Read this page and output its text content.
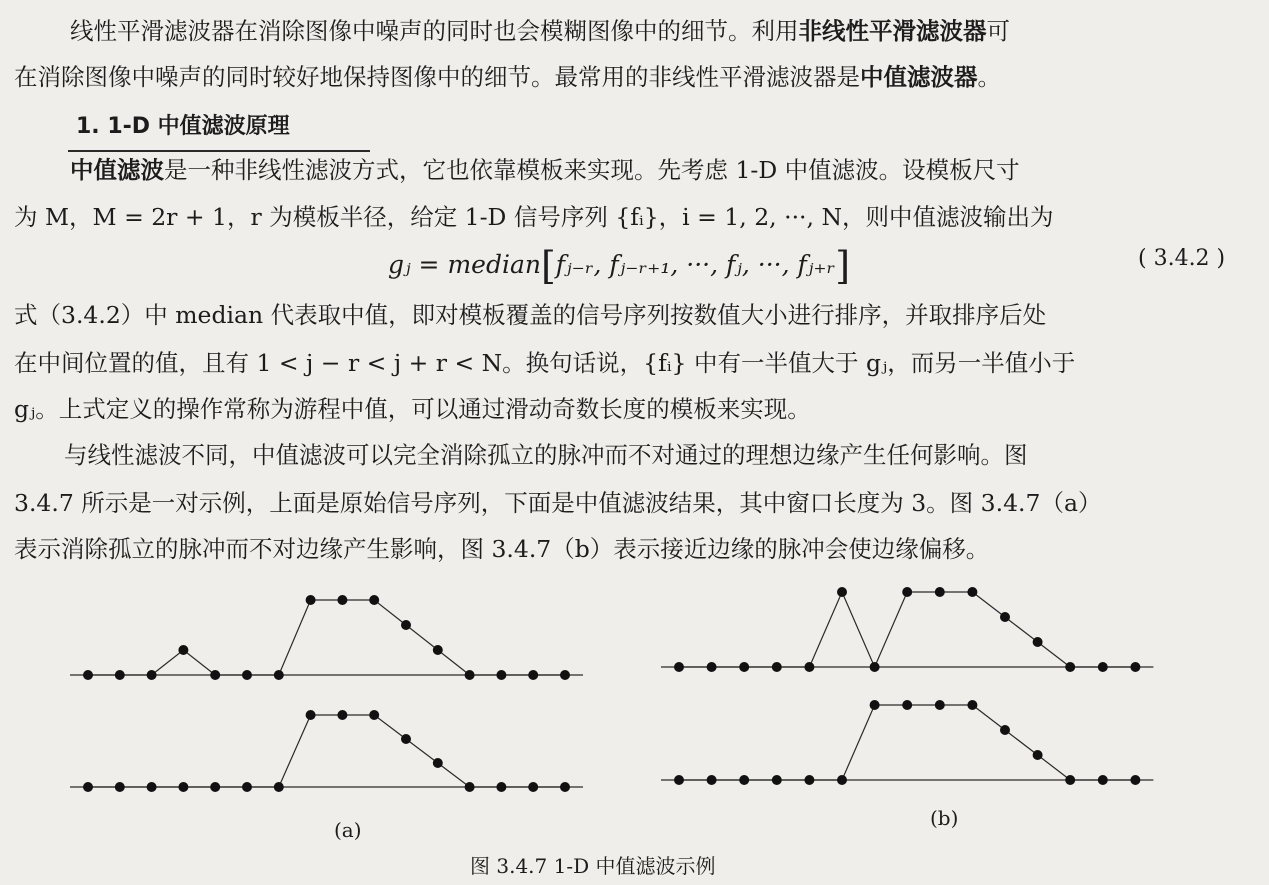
线性平滑滤波器在消除图像中噪声的同时也会模糊图像中的细节。利用非线性平滑滤波器可
在消除图像中噪声的同时较好地保持图像中的细节。最常用的非线性平滑滤波器是中值滤波器。
1. 1-D 中值滤波原理
中值滤波是一种非线性滤波方式，它也依靠模板来实现。先考虑 1-D 中值滤波。设模板尺寸
为 M，M = 2r + 1，r 为模板半径，给定 1-D 信号序列 {fᵢ}，i = 1, 2, ···, N，则中值滤波输出为
gⱼ = median[fⱼ₋ᵣ, fⱼ₋ᵣ₊₁, ···, fⱼ, ···, fⱼ₊ᵣ]	( 3.4.2 )
式（3.4.2）中 median 代表取中值，即对模板覆盖的信号序列按数值大小进行排序，并取排序后处
在中间位置的值，且有 1 < j − r < j + r < N。换句话说，{fᵢ} 中有一半值大于 gⱼ，而另一半值小于
gⱼ。上式定义的操作常称为游程中值，可以通过滑动奇数长度的模板来实现。
与线性滤波不同，中值滤波可以完全消除孤立的脉冲而不对通过的理想边缘产生任何影响。图
3.4.7 所示是一对示例，上面是原始信号序列，下面是中值滤波结果，其中窗口长度为 3。图 3.4.7（a）
表示消除孤立的脉冲而不对边缘产生影响，图 3.4.7（b）表示接近边缘的脉冲会使边缘偏移。
(a)	(b)
图 3.4.7 1-D 中值滤波示例
